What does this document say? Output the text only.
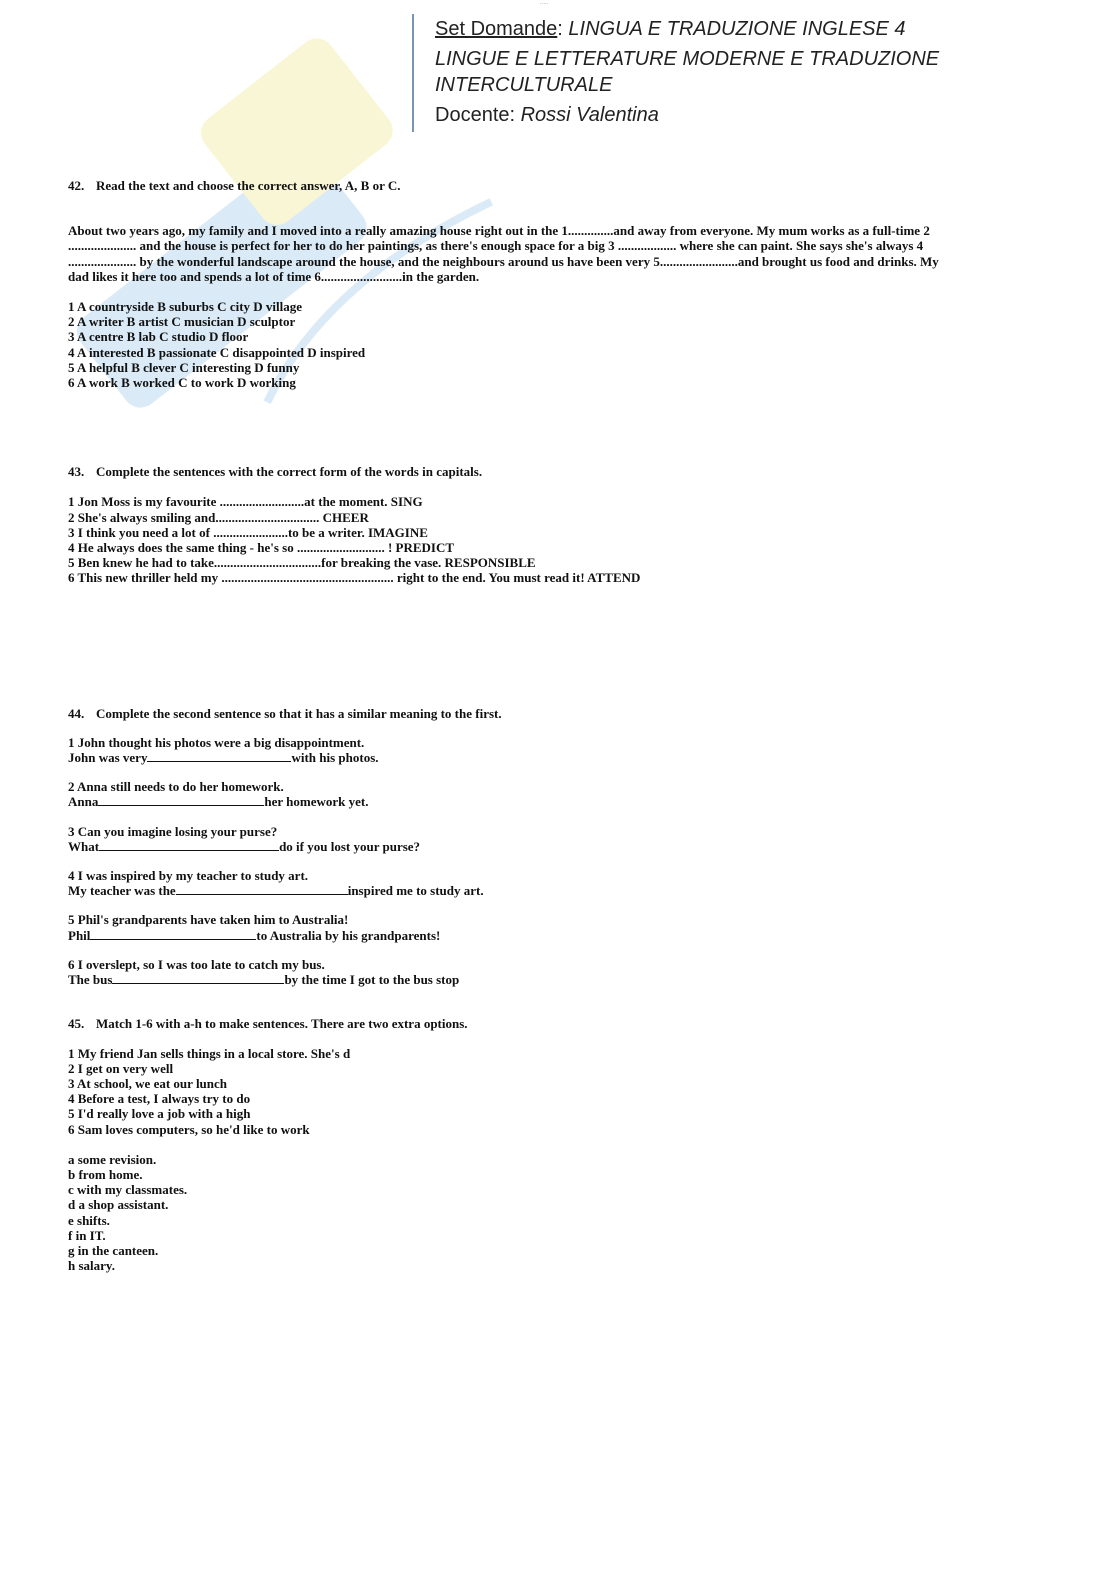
.....
Set Domande: LINGUA E TRADUZIONE INGLESE 4
LINGUE E LETTERATURE MODERNE E TRADUZIONE
INTERCULTURALE
Docente: Rossi Valentina
42. Read the text and choose the correct answer, A, B or C.
About two years ago, my family and I moved into a really amazing house right out in the 1..............and away from everyone. My mum works as a full-time 2
..................... and the house is perfect for her to do her paintings, as there's enough space for a big 3 .................. where she can paint. She says she's always 4
..................... by the wonderful landscape around the house, and the neighbours around us have been very 5........................and brought us food and drinks. My
dad likes it here too and spends a lot of time 6.........................in the garden.
1 A countryside B suburbs C city D village
2 A writer B artist C musician D sculptor
3 A centre B lab C studio D floor
4 A interested B passionate C disappointed D inspired
5 A helpful B clever C interesting D funny
6 A work B worked C to work D working
43. Complete the sentences with the correct form of the words in capitals.
1 Jon Moss is my favourite ..........................at the moment. SING
2 She's always smiling and................................ CHEER
3 I think you need a lot of .......................to be a writer. IMAGINE
4 He always does the same thing - he's so ........................... ! PREDICT
5 Ben knew he had to take.................................for breaking the vase. RESPONSIBLE
6 This new thriller held my ..................................................... right to the end. You must read it! ATTEND
44. Complete the second sentence so that it has a similar meaning to the first.
1 John thought his photos were a big disappointment.
John was very	with his photos.
2 Anna still needs to do her homework.
Anna	her homework yet.
3 Can you imagine losing your purse?
What	do if you lost your purse?
4 I was inspired by my teacher to study art.
My teacher was the	inspired me to study art.
5 Phil's grandparents have taken him to Australia!
Phil	to Australia by his grandparents!
6 I overslept, so I was too late to catch my bus.
The bus	by the time I got to the bus stop
45. Match 1-6 with a-h to make sentences. There are two extra options.
1 My friend Jan sells things in a local store. She's d
2 I get on very well
3 At school, we eat our lunch
4 Before a test, I always try to do
5 I'd really love a job with a high
6 Sam loves computers, so he'd like to work
a some revision.
b from home.
c with my classmates.
d a shop assistant.
e shifts.
f in IT.
g in the canteen.
h salary.
